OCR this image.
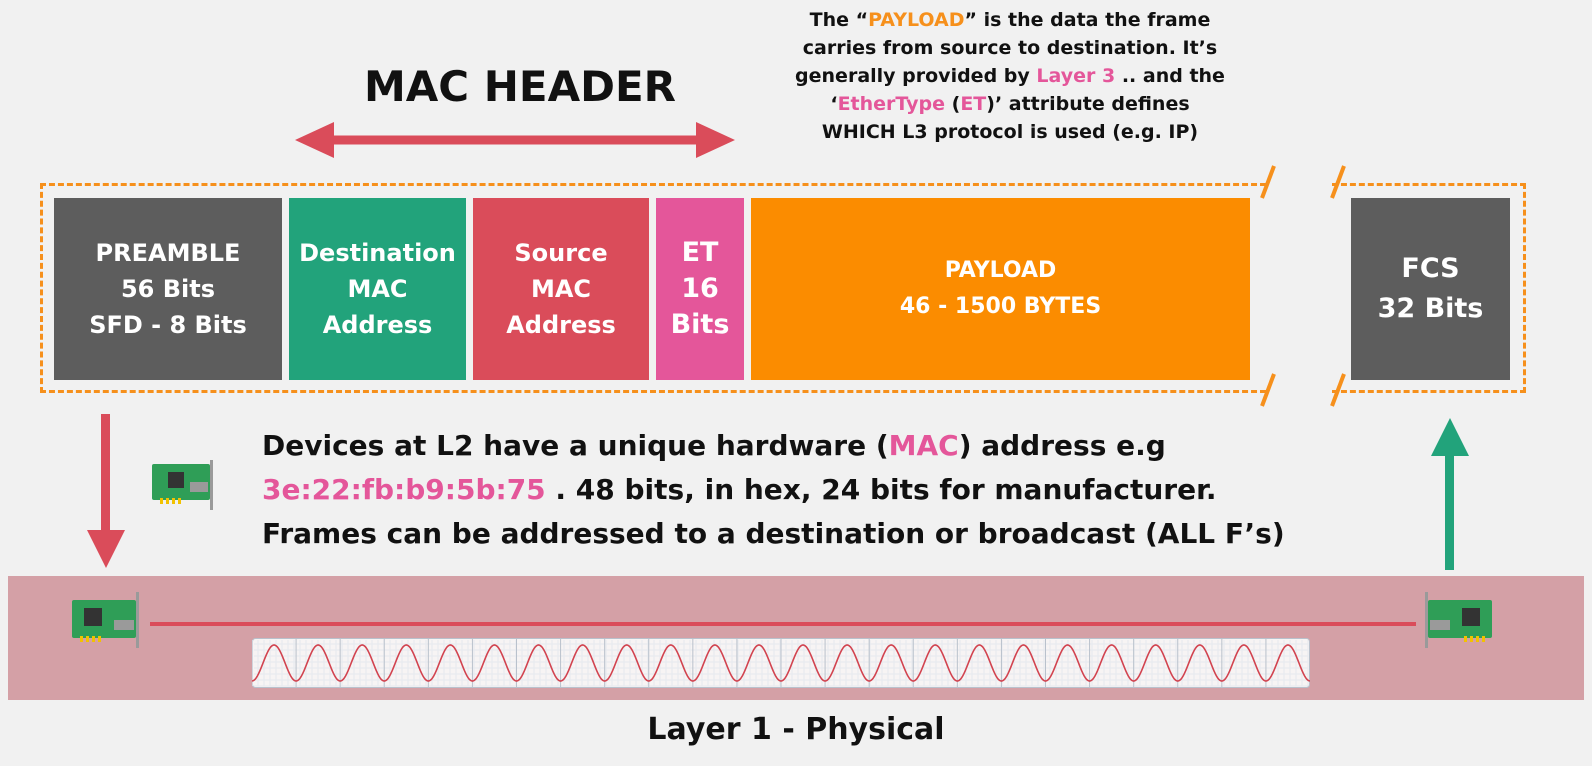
MAC HEADER
The “PAYLOAD” is the data the frame
carries from source to destination. It’s
generally provided by Layer 3 .. and the
‘EtherType (ET)’ attribute defines
WHICH L3 protocol is used (e.g. IP)
PREAMBLE
56 Bits
SFD - 8 Bits
Destination
MAC
Address
Source
MAC
Address
ET
16
Bits
PAYLOAD
46 - 1500 BYTES
FCS
32 Bits
Devices at L2 have a unique hardware (MAC) address e.g
3e:22:fb:b9:5b:75 . 48 bits, in hex, 24 bits for manufacturer.
Frames can be addressed to a destination or broadcast (ALL F’s)
Layer 1 - Physical
